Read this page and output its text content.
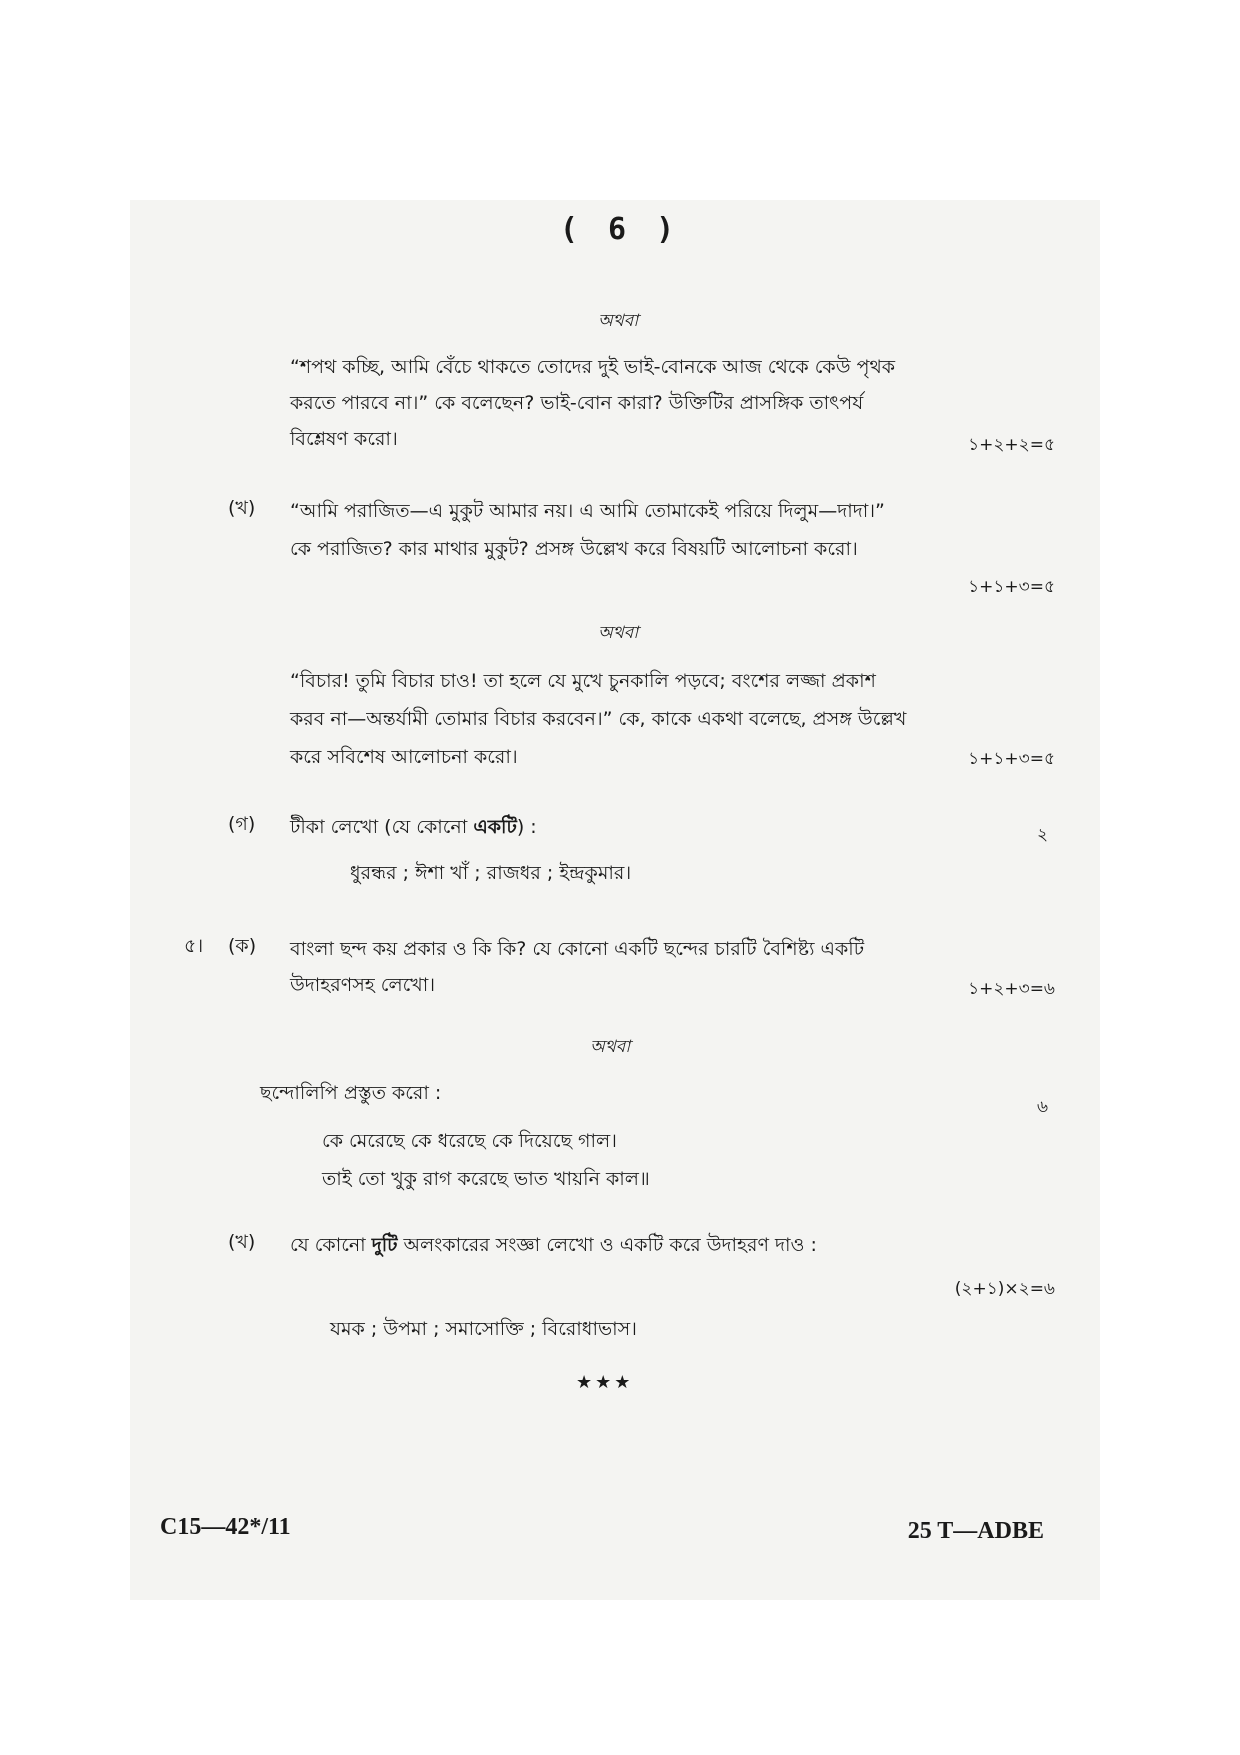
( 6 )
অথবা
“শপথ কচ্ছি, আমি বেঁচে থাকতে তোদের দুই ভাই-বোনকে আজ থেকে কেউ পৃথক
করতে পারবে না।” কে বলেছেন? ভাই-বোন কারা? উক্তিটির প্রাসঙ্গিক তাৎপর্য
বিশ্লেষণ করো।	১+২+২=৫
(খ) “আমি পরাজিত—এ মুকুট আমার নয়। এ আমি তোমাকেই পরিয়ে দিলুম—দাদা।”
কে পরাজিত? কার মাথার মুকুট? প্রসঙ্গ উল্লেখ করে বিষয়টি আলোচনা করো।
১+১+৩=৫
অথবা
“বিচার! তুমি বিচার চাও! তা হলে যে মুখে চুনকালি পড়বে; বংশের লজ্জা প্রকাশ
করব না—অন্তর্যামী তোমার বিচার করবেন।” কে, কাকে একথা বলেছে, প্রসঙ্গ উল্লেখ
করে সবিশেষ আলোচনা করো।	১+১+৩=৫
(গ) টীকা লেখো (যে কোনো একটি) :	২
ধুরন্ধর ; ঈশা খাঁ ; রাজধর ; ইন্দ্রকুমার।
৫। (ক) বাংলা ছন্দ কয় প্রকার ও কি কি? যে কোনো একটি ছন্দের চারটি বৈশিষ্ট্য একটি
উদাহরণসহ লেখো।	১+২+৩=৬
অথবা
ছন্দোলিপি প্রস্তুত করো :
৬
কে মেরেছে কে ধরেছে কে দিয়েছে গাল।
তাই তো খুকু রাগ করেছে ভাত খায়নি কাল॥
(খ) যে কোনো দুটি অলংকারের সংজ্ঞা লেখো ও একটি করে উদাহরণ দাও :
(২+১)×২=৬
যমক ; উপমা ; সমাসোক্তি ; বিরোধাভাস।
★★★
C15—42*/11	25 T—ADBE
